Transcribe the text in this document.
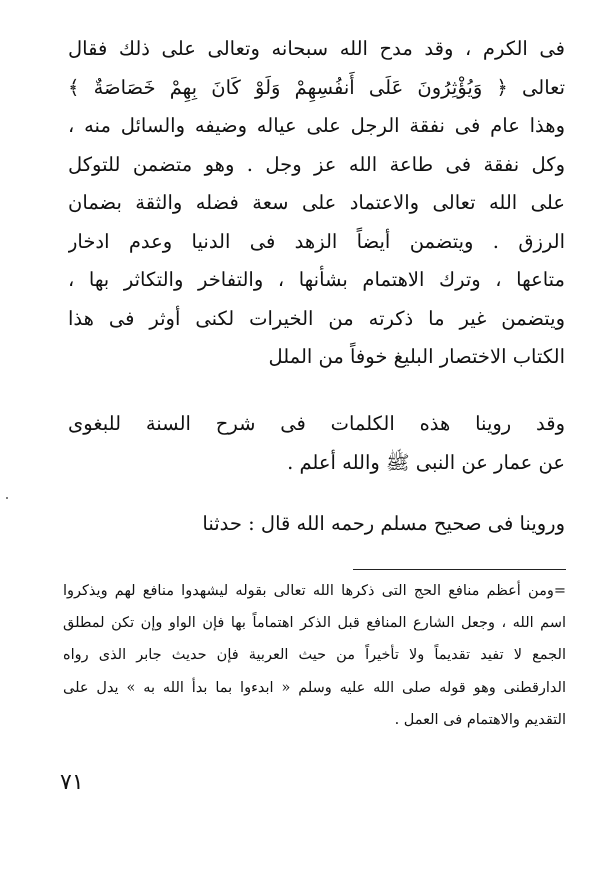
فى الكرم ، وقد مدح الله سبحانه وتعالى على ذلك فقال
تعالى ﴿ وَيُؤْثِرُونَ عَلَى أَنفُسِهِمْ وَلَوْ كَانَ بِهِمْ خَصَاصَةٌ ﴾
وهذا عام فى نفقة الرجل على عياله وضيفه والسائل منه ،
وكل نفقة فى طاعة الله عز وجل . وهو متضمن للتوكل
على الله تعالى والاعتماد على سعة فضله والثقة بضمان
الرزق . ويتضمن أيضاً الزهد فى الدنيا وعدم ادخار
متاعها ، وترك الاهتمام بشأنها ، والتفاخر والتكاثر بها ،
ويتضمن غير ما ذكرته من الخيرات لكنى أوثر فى هذا
الكتاب الاختصار البليغ خوفاً من الملل
وقد روينا هذه الكلمات فى شرح السنة للبغوى
عن عمار عن النبى ﷺ والله أعلم .
وروينا فى صحيح مسلم رحمه الله قال : حدثنا
=ومن أعظم منافع الحج التى ذكرها الله تعالى بقوله ليشهدوا منافع لهم ويذكروا
اسم الله ، وجعل الشارع المنافع قبل الذكر اهتماماً بها فإن الواو وإن تكن لمطلق
الجمع لا تفيد تقديماً ولا تأخيراً من حيث العربية فإن حديث جابر الذى رواه
الدارقطنى وهو قوله صلى الله عليه وسلم « ابدءوا بما بدأ الله به » يدل على
التقديم والاهتمام فى العمل .
٧١
